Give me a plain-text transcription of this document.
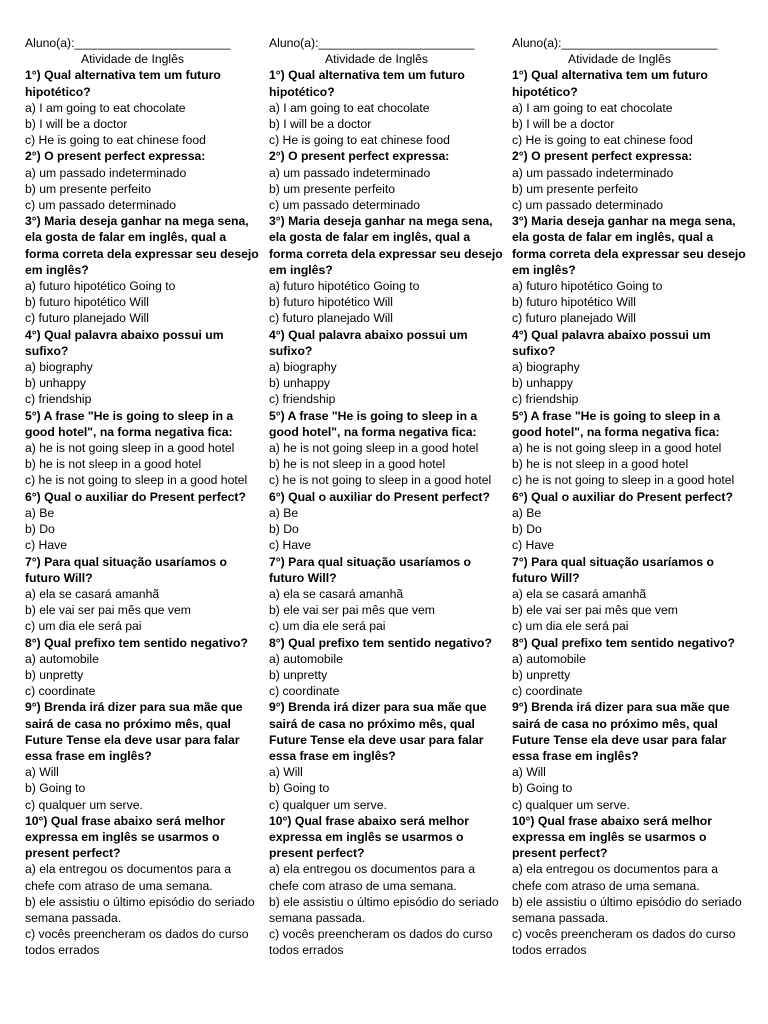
Aluno(a):_______________________
Atividade de Inglês
1°) Qual alternativa tem um futuro hipotético?
a) I am going to eat chocolate
b) I will be a doctor
c) He is going to eat chinese food
2°) O present perfect expressa:
a) um passado indeterminado
b) um presente perfeito
c) um passado determinado
3°) Maria deseja ganhar na mega sena, ela gosta de falar em inglês, qual a forma correta dela expressar seu desejo em inglês?
a) futuro hipotético Going to
b) futuro hipotético Will
c) futuro planejado Will
4°) Qual palavra abaixo possui um sufixo?
a) biography
b) unhappy
c) friendship
5°) A frase "He is going to sleep in a good hotel", na forma negativa fica:
a) he is not going sleep in a good hotel
b) he is not sleep in a good hotel
c) he is not going to sleep in a good hotel
6°) Qual o auxiliar do Present perfect?
a) Be
b) Do
c) Have
7°) Para qual situação usaríamos o futuro Will?
a) ela se casará amanhã
b) ele vai ser pai mês que vem
c) um dia ele será pai
8°) Qual prefixo tem sentido negativo?
a) automobile
b) unpretty
c) coordinate
9°) Brenda irá dizer para sua mãe que sairá de casa no próximo mês, qual Future Tense ela deve usar para falar essa frase em inglês?
a) Will
b) Going to
c) qualquer um serve.
10°) Qual frase abaixo será melhor expressa em inglês se usarmos o present perfect?
a) ela entregou os documentos para a chefe com atraso de uma semana.
b) ele assistiu o último episódio do seriado semana passada.
c) vocês preencheram os dados do curso todos errados
Aluno(a):_______________________
Atividade de Inglês
1°) Qual alternativa tem um futuro hipotético?
a) I am going to eat chocolate
b) I will be a doctor
c) He is going to eat chinese food
2°) O present perfect expressa:
a) um passado indeterminado
b) um presente perfeito
c) um passado determinado
3°) Maria deseja ganhar na mega sena, ela gosta de falar em inglês, qual a forma correta dela expressar seu desejo em inglês?
a) futuro hipotético Going to
b) futuro hipotético Will
c) futuro planejado Will
4°) Qual palavra abaixo possui um sufixo?
a) biography
b) unhappy
c) friendship
5°) A frase "He is going to sleep in a good hotel", na forma negativa fica:
a) he is not going sleep in a good hotel
b) he is not sleep in a good hotel
c) he is not going to sleep in a good hotel
6°) Qual o auxiliar do Present perfect?
a) Be
b) Do
c) Have
7°) Para qual situação usaríamos o futuro Will?
a) ela se casará amanhã
b) ele vai ser pai mês que vem
c) um dia ele será pai
8°) Qual prefixo tem sentido negativo?
a) automobile
b) unpretty
c) coordinate
9°) Brenda irá dizer para sua mãe que sairá de casa no próximo mês, qual Future Tense ela deve usar para falar essa frase em inglês?
a) Will
b) Going to
c) qualquer um serve.
10°) Qual frase abaixo será melhor expressa em inglês se usarmos o present perfect?
a) ela entregou os documentos para a chefe com atraso de uma semana.
b) ele assistiu o último episódio do seriado semana passada.
c) vocês preencheram os dados do curso todos errados
Aluno(a):_______________________
Atividade de Inglês
1°) Qual alternativa tem um futuro hipotético?
a) I am going to eat chocolate
b) I will be a doctor
c) He is going to eat chinese food
2°) O present perfect expressa:
a) um passado indeterminado
b) um presente perfeito
c) um passado determinado
3°) Maria deseja ganhar na mega sena, ela gosta de falar em inglês, qual a forma correta dela expressar seu desejo em inglês?
a) futuro hipotético Going to
b) futuro hipotético Will
c) futuro planejado Will
4°) Qual palavra abaixo possui um sufixo?
a) biography
b) unhappy
c) friendship
5°) A frase "He is going to sleep in a good hotel", na forma negativa fica:
a) he is not going sleep in a good hotel
b) he is not sleep in a good hotel
c) he is not going to sleep in a good hotel
6°) Qual o auxiliar do Present perfect?
a) Be
b) Do
c) Have
7°) Para qual situação usaríamos o futuro Will?
a) ela se casará amanhã
b) ele vai ser pai mês que vem
c) um dia ele será pai
8°) Qual prefixo tem sentido negativo?
a) automobile
b) unpretty
c) coordinate
9°) Brenda irá dizer para sua mãe que sairá de casa no próximo mês, qual Future Tense ela deve usar para falar essa frase em inglês?
a) Will
b) Going to
c) qualquer um serve.
10°) Qual frase abaixo será melhor expressa em inglês se usarmos o present perfect?
a) ela entregou os documentos para a chefe com atraso de uma semana.
b) ele assistiu o último episódio do seriado semana passada.
c) vocês preencheram os dados do curso todos errados
